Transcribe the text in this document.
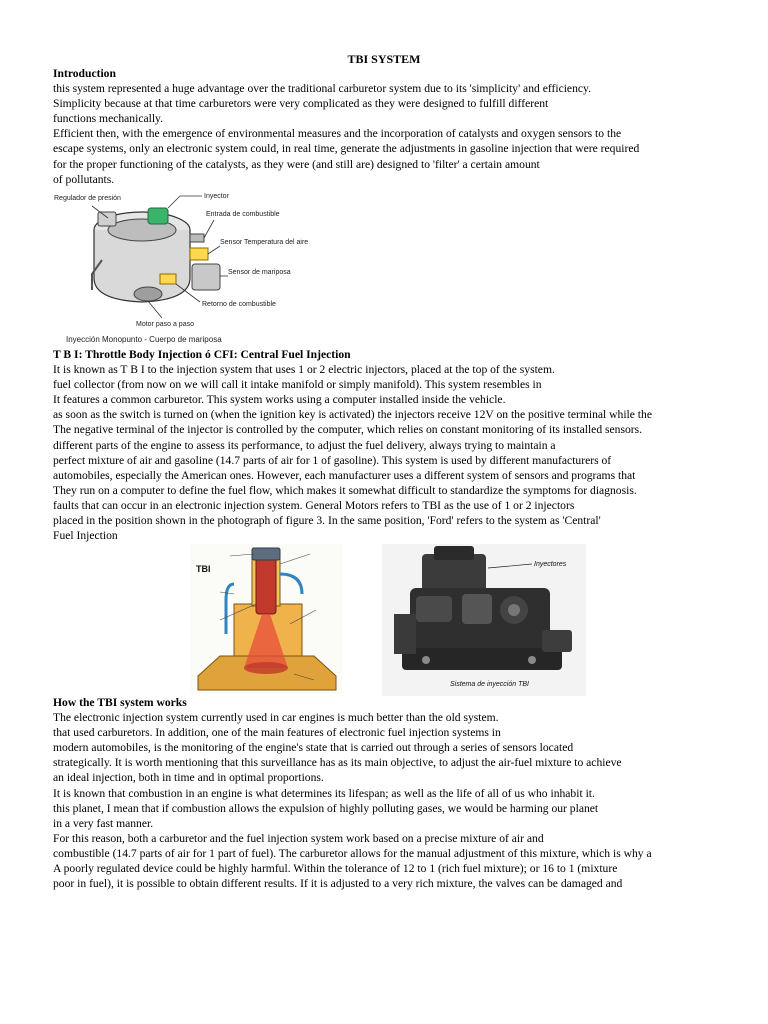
TBI SYSTEM

Introduction

this system represented a huge advantage over the traditional carburetor system due to its 'simplicity' and efficiency.

Simplicity because at that time carburetors were very complicated as they were designed to fulfill different

functions mechanically.

Efficient then, with the emergence of environmental measures and the incorporation of catalysts and oxygen sensors to the

escape systems, only an electronic system could, in real time, generate the adjustments in gasoline injection that were required

for the proper functioning of the catalysts, as they were (and still are) designed to 'filter' a certain amount

of pollutants.

Regulador de presión	Inyector
Entrada de combustible
Sensor Temperatura del aire
Sensor de mariposa
Retorno de combustible
Motor paso a paso
Inyección Monopunto - Cuerpo de mariposa

T B I: Throttle Body Injection ó CFI: Central Fuel Injection

It is known as T B I to the injection system that uses 1 or 2 electric injectors, placed at the top of the system.

fuel collector (from now on we will call it intake manifold or simply manifold). This system resembles in

It features a common carburetor. This system works using a computer installed inside the vehicle.

as soon as the switch is turned on (when the ignition key is activated) the injectors receive 12V on the positive terminal while the

The negative terminal of the injector is controlled by the computer, which relies on constant monitoring of its installed sensors.

different parts of the engine to assess its performance, to adjust the fuel delivery, always trying to maintain a

perfect mixture of air and gasoline (14.7 parts of air for 1 of gasoline). This system is used by different manufacturers of

automobiles, especially the American ones. However, each manufacturer uses a different system of sensors and programs that

They run on a computer to define the fuel flow, which makes it somewhat difficult to standardize the symptoms for diagnosis.

faults that can occur in an electronic injection system. General Motors refers to TBI as the use of 1 or 2 injectors

placed in the position shown in the photograph of figure 3. In the same position, 'Ford' refers to the system as 'Central'

Fuel Injection

TBI	Inyectores
Sistema de inyección TBI

How the TBI system works

The electronic injection system currently used in car engines is much better than the old system.

that used carburetors. In addition, one of the main features of electronic fuel injection systems in

modern automobiles, is the monitoring of the engine's state that is carried out through a series of sensors located

strategically. It is worth mentioning that this surveillance has as its main objective, to adjust the air-fuel mixture to achieve

an ideal injection, both in time and in optimal proportions.

It is known that combustion in an engine is what determines its lifespan; as well as the life of all of us who inhabit it.

this planet, I mean that if combustion allows the expulsion of highly polluting gases, we would be harming our planet

in a very fast manner.

For this reason, both a carburetor and the fuel injection system work based on a precise mixture of air and

combustible (14.7 parts of air for 1 part of fuel). The carburetor allows for the manual adjustment of this mixture, which is why a

A poorly regulated device could be highly harmful. Within the tolerance of 12 to 1 (rich fuel mixture); or 16 to 1 (mixture

poor in fuel), it is possible to obtain different results. If it is adjusted to a very rich mixture, the valves can be damaged and
